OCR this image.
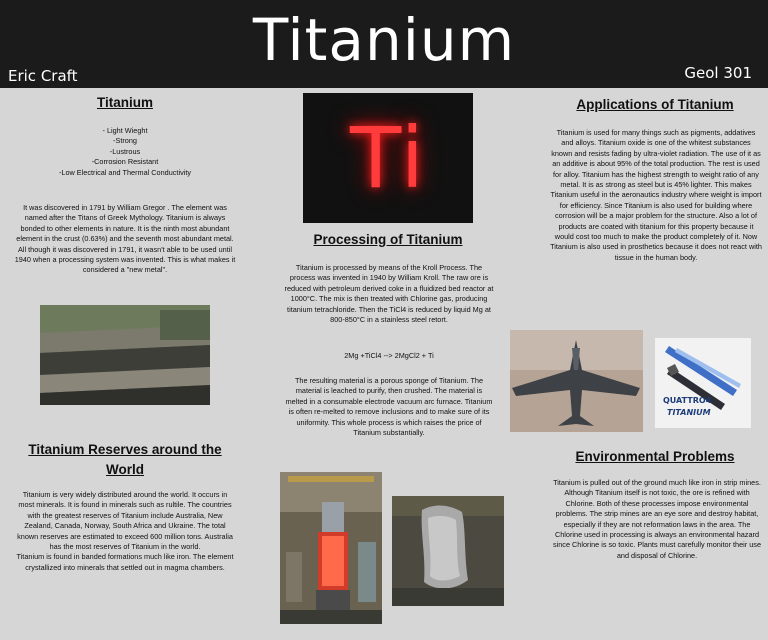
Titanium
Eric Craft	Geol 301
Titanium
- Light Wieght
-Strong
-Lustrous
-Corrosion Resistant
-Low Electrical and Thermal Conductivity
It was discovered in 1791 by William Gregor . The element was named after the Titans of Greek Mythology. Titanium is always bonded to other elements in nature. It is the ninth most abundant element in the crust (0.63%) and the seventh most abundant metal. All though it was discovered in 1791, it wasn't able to be used until 1940 when a processing system was invented. This is what makes it considered a "new metal".
Titanium Reserves around the
World
Titanium is very widely distributed around the world. It occurs in most minerals. It is found in minerals such as rultile. The countries with the greatest reserves of Titanium include Australia, New Zealand, Canada, Norway, South Africa and Ukraine. The total known reserves are estimated to exceed 600 million tons. Australia has the most reserves of Titanium in the world.
Titanium is found in banded formations much like iron. The element crystallized into minerals that settled out in magma chambers.
Ti
Processing of Titanium
Titanium is processed by means of the Kroll Process. The process was invented in 1940 by William Kroll. The raw ore is reduced with petroleum derived coke in a fluidized bed reactor at 1000°C. The mix is then treated with Chlorine gas, producing titanium tetrachloride. Then the TiCl4 is reduced by liquid Mg at 800-850°C in a stainless steel retort.
2Mg +TiCl4 --> 2MgCl2 + Ti
The resulting material is a porous sponge of Titanium. The material is leached to purify, then crushed. The material is melted in a consumable electrode vacuum arc furnace. Titanium is often re-melted to remove inclusions and to make sure of its uniformity. This whole process is which raises the price of Titanium substantially.
Applications of Titanium
Titanium is used for many things such as pigments, addatives and alloys. Titanium oxide is one of the whitest substances known and resists fading by ultra-violet radiation. The use of it as an additive is about 95% of the total production. The rest is used for alloy. Titanium has the highest strength to weight ratio of any metal. It is as strong as steel but is 45% lighter. This makes Titanium useful in the aeronautics industry where weight is import for efficiency. Since Titanium is also used for building where corrosion will be a major problem for the structure. Also a lot of products are coated with titanium for this property because it would cost too much to make the product completely of it. Now Titanium is also used in prosthetics because it does not react with tissue in the human body.
QUATTRO4
TITANIUM
Environmental Problems
Titanium is pulled out of the ground much like iron in strip mines. Although Titanium itself is not toxic, the ore is refined with Chlorine. Both of these processes impose environmental problems. The strip mines are an eye sore and destroy habitat, especially if they are not reformation laws in the area. The Chlorine used in processing is always an environmental hazard since Chlorine is so toxic. Plants must carefully monitor their use and disposal of Chlorine.
